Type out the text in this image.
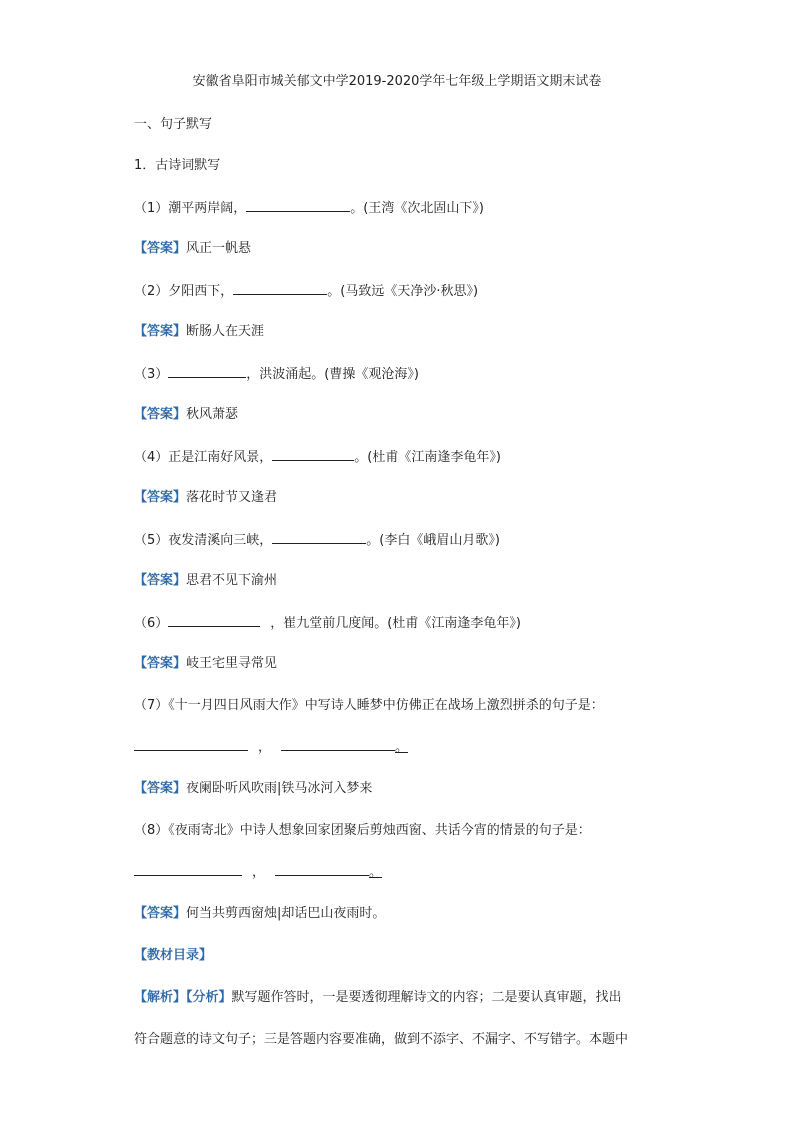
安徽省阜阳市城关郁文中学2019-2020学年七年级上学期语文期末试卷
一、句子默写
1．古诗词默写
（1）潮平两岸阔，	。(王湾《次北固山下》)
【答案】风正一帆悬
（2）夕阳西下，	。(马致远《天净沙·秋思》)
【答案】断肠人在天涯
（3）	，洪波涌起。(曹操《观沧海》)
【答案】秋风萧瑟
（4）正是江南好风景，	。(杜甫《江南逢李龟年》)
【答案】落花时节又逢君
（5）夜发清溪向三峡，	。(李白《峨眉山月歌》)
【答案】思君不见下渝州
（6）	，崔九堂前几度闻。(杜甫《江南逢李龟年》)
【答案】岐王宅里寻常见
（7）《十一月四日风雨大作》中写诗人睡梦中仿佛正在战场上激烈拼杀的句子是：
，	。
【答案】夜阑卧听风吹雨|铁马冰河入梦来
（8）《夜雨寄北》中诗人想象回家团聚后剪烛西窗、共话今宵的情景的句子是：
，	。
【答案】何当共剪西窗烛|却话巴山夜雨时。
【教材目录】
【解析】【分析】默写题作答时，一是要透彻理解诗文的内容；二是要认真审题，找出
符合题意的诗文句子；三是答题内容要准确，做到不添字、不漏字、不写错字。本题中
